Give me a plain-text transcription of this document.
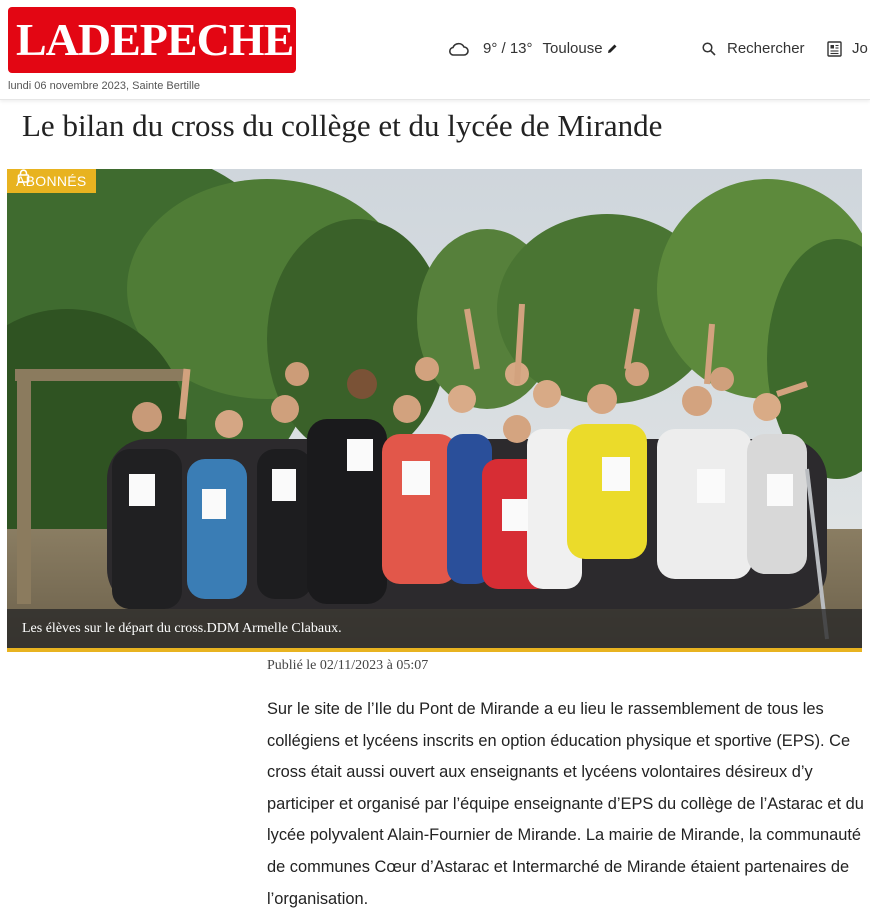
LADEPECHE fr
lundi 06 novembre 2023, Sainte Bertille
9° / 13° Toulouse	Rechercher	Jo
Le bilan du cross du collège et du lycée de Mirande
ABONNÉS
Les élèves sur le départ du cross.DDM Armelle Clabaux.
Publié le 02/11/2023 à 05:07

Sur le site de l’Ile du Pont de Mirande a eu lieu le rassemblement de tous les collégiens et lycéens inscrits en option éducation physique et sportive (EPS). Ce cross était aussi ouvert aux enseignants et lycéens volontaires désireux d’y participer et organisé par l’équipe enseignante d’EPS du collège de l’Astarac et du lycée polyvalent Alain-Fournier de Mirande. La mairie de Mirande, la communauté de communes Cœur d’Astarac et Intermarché de Mirande étaient partenaires de l’organisation.
